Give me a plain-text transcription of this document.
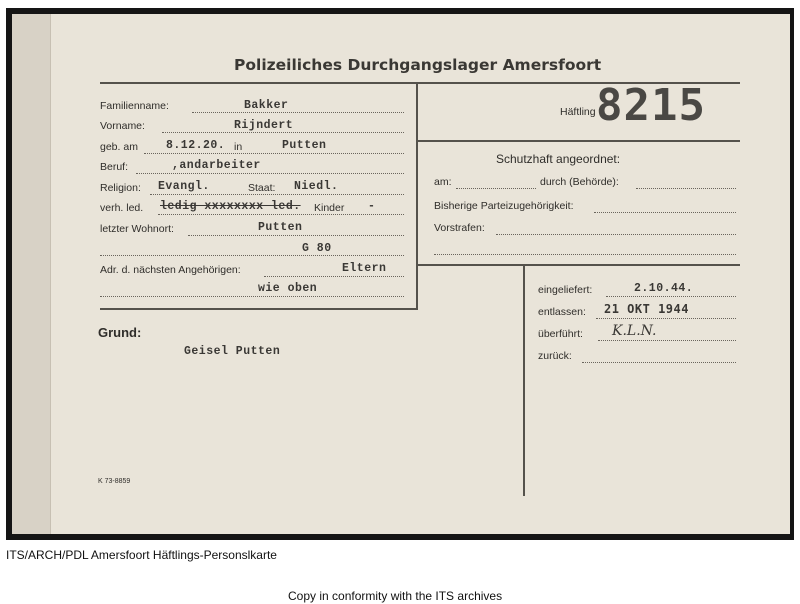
Polizeiliches Durchgangslager Amersfoort
Häftling 8215
Familienname:	Bakker
Vorname:	Rijndert
geb. am 8.12.20. in	Putten
Beruf:	,andarbeiter
Religion: Evangl.	Staat: Niedl.
verh. led. ledig xxxxxxxx led. Kinder -
letzter Wohnort:	Putten
G 80
Adr. d. nächsten Angehörigen:	Eltern
wie oben
Grund:
Geisel Putten
Schutzhaft angeordnet:
am:	durch (Behörde):
Bisherige Parteizugehörigkeit:
Vorstrafen:
eingeliefert:	2.10.44.
entlassen: 21 OKT 1944
überführt: K.L.N.
zurück:
K 73-8859
ITS/ARCH/PDL Amersfoort Häftlings-Personslkarte
Copy in conformity with the ITS archives
